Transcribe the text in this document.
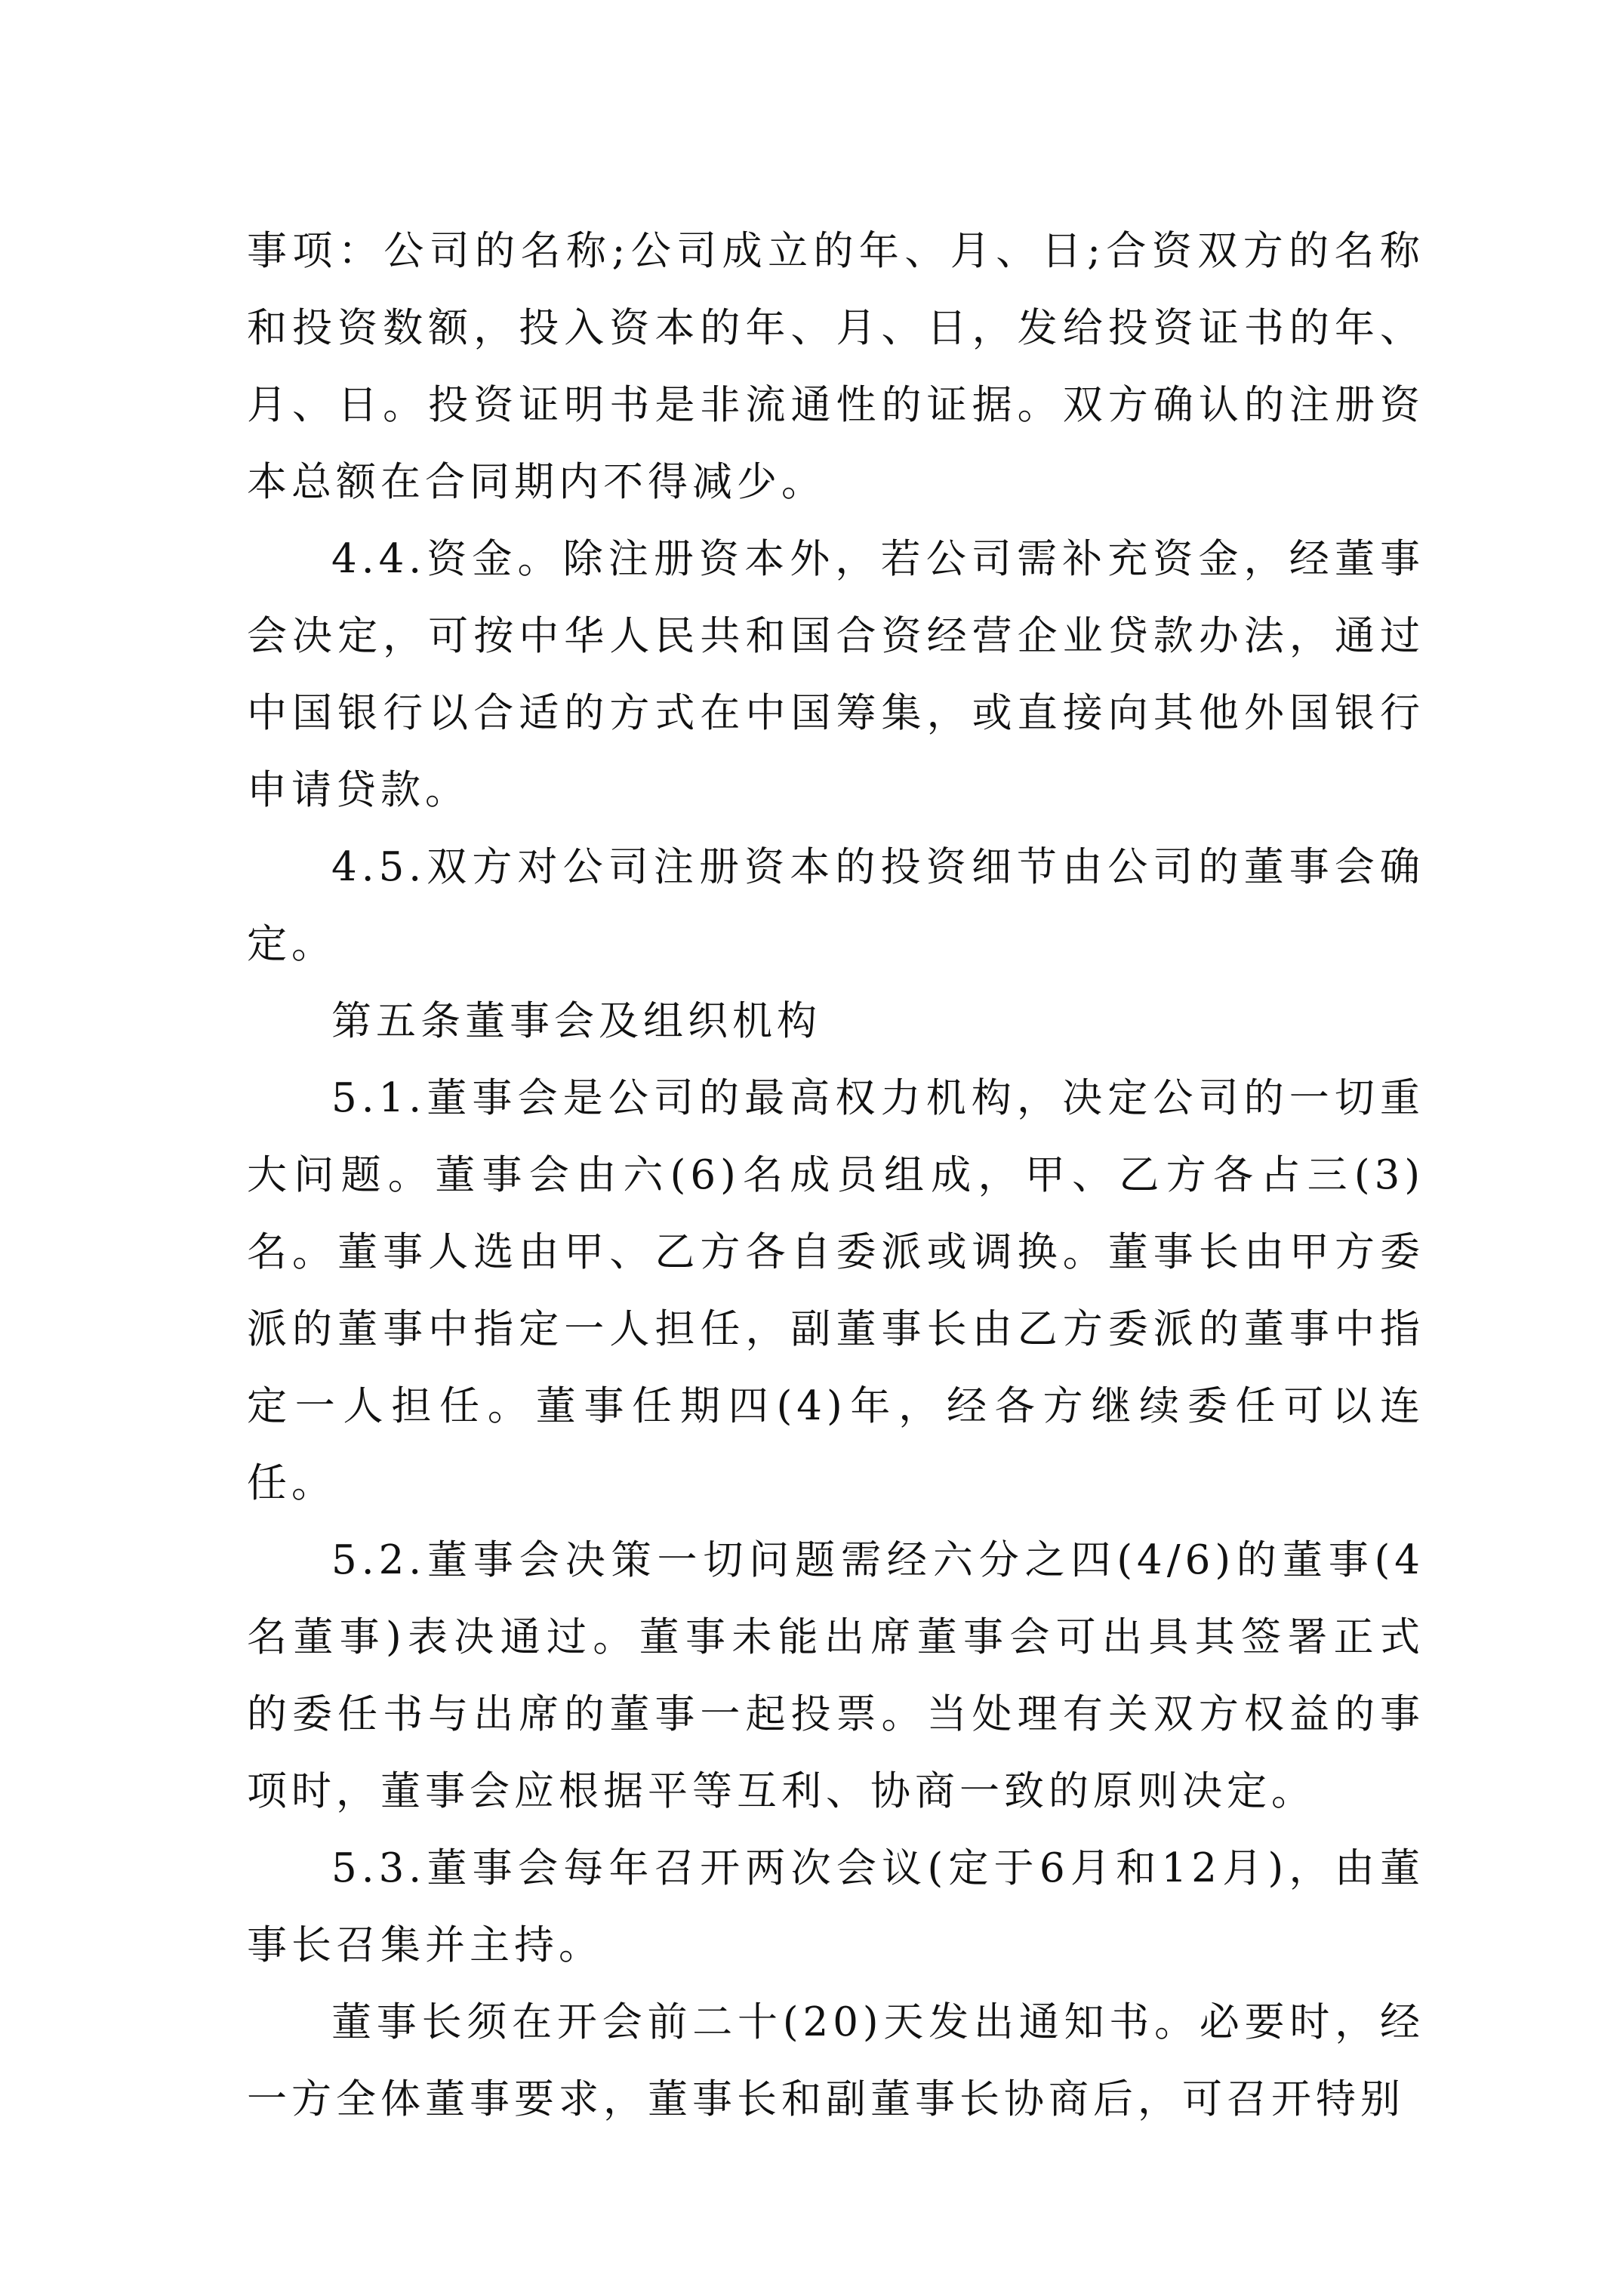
事项：公司的名称;公司成立的年、月、日;合资双方的名称和投资数额，投入资本的年、月、日，发给投资证书的年、月、日。投资证明书是非流通性的证据。双方确认的注册资本总额在合同期内不得减少。

4.4.资金。除注册资本外，若公司需补充资金，经董事会决定，可按中华人民共和国合资经营企业贷款办法，通过中国银行以合适的方式在中国筹集，或直接向其他外国银行申请贷款。

4.5.双方对公司注册资本的投资细节由公司的董事会确定。

第五条董事会及组织机构

5.1.董事会是公司的最高权力机构，决定公司的一切重大问题。董事会由六(6)名成员组成，甲、乙方各占三(3)名。董事人选由甲、乙方各自委派或调换。董事长由甲方委派的董事中指定一人担任，副董事长由乙方委派的董事中指定一人担任。董事任期四(4)年，经各方继续委任可以连任。

5.2.董事会决策一切问题需经六分之四(4/6)的董事(4名董事)表决通过。董事未能出席董事会可出具其签署正式的委任书与出席的董事一起投票。当处理有关双方权益的事项时，董事会应根据平等互利、协商一致的原则决定。

5.3.董事会每年召开两次会议(定于6月和12月)，由董事长召集并主持。

董事长须在开会前二十(20)天发出通知书。必要时，经一方全体董事要求，董事长和副董事长协商后，可召开特别
